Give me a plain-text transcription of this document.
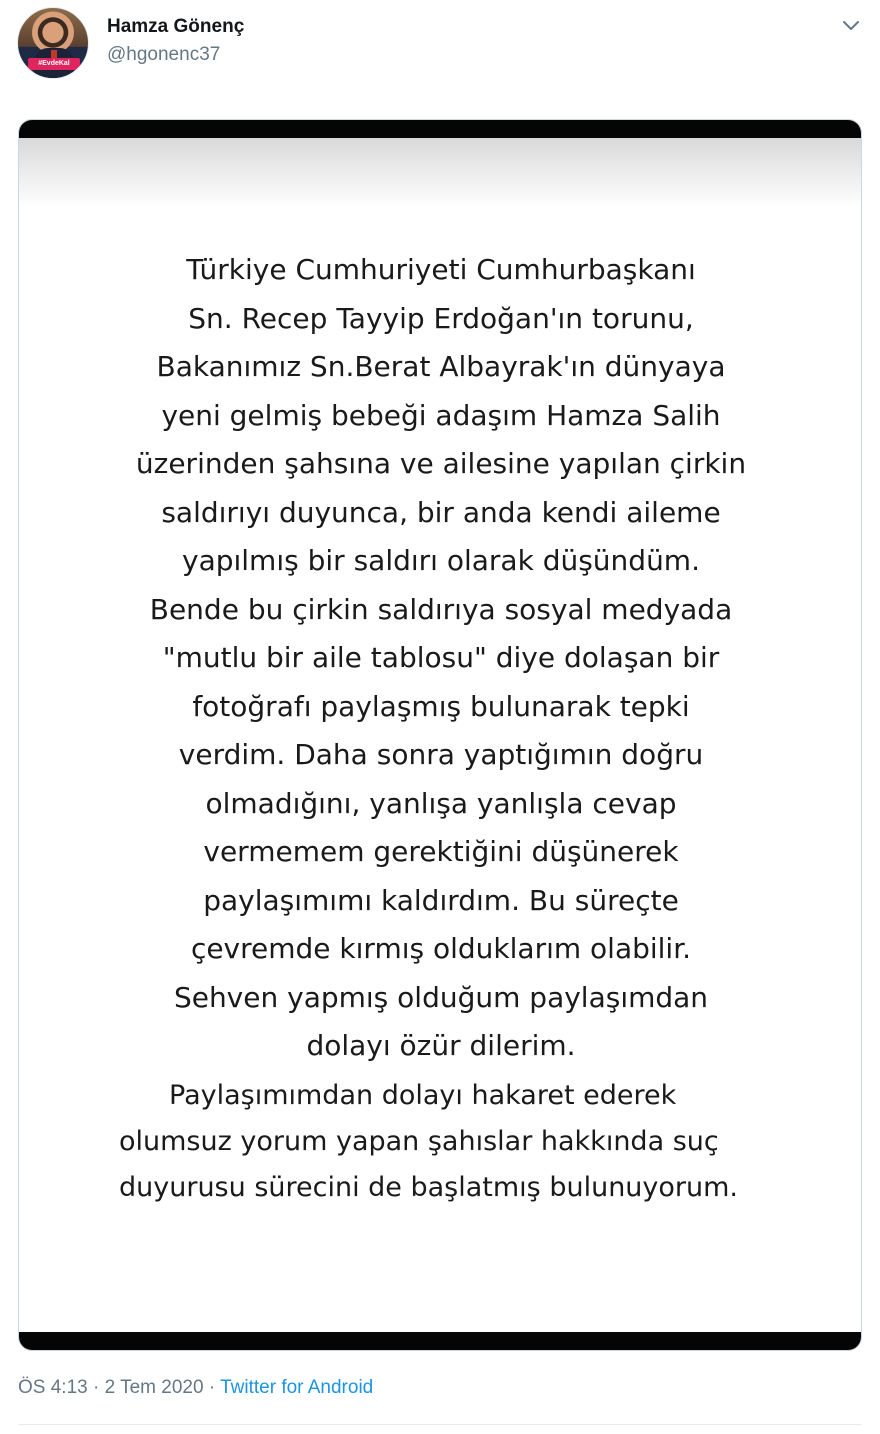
#EvdeKal
Hamza Gönenç
@hgonenc37
Türkiye Cumhuriyeti Cumhurbaşkanı
Sn. Recep Tayyip Erdoğan'ın torunu,
Bakanımız Sn.Berat Albayrak'ın dünyaya
yeni gelmiş bebeği adaşım Hamza Salih
üzerinden şahsına ve ailesine yapılan çirkin
saldırıyı duyunca, bir anda kendi aileme
yapılmış bir saldırı olarak düşündüm.
Bende bu çirkin saldırıya sosyal medyada
"mutlu bir aile tablosu" diye dolaşan bir
fotoğrafı paylaşmış bulunarak tepki
verdim. Daha sonra yaptığımın doğru
olmadığını, yanlışa yanlışla cevap
vermemem gerektiğini düşünerek
paylaşımımı kaldırdım. Bu süreçte
çevremde kırmış olduklarım olabilir.
Sehven yapmış olduğum paylaşımdan
dolayı özür dilerim.
Paylaşımımdan dolayı hakaret ederek
olumsuz yorum yapan şahıslar hakkında suç
duyurusu sürecini de başlatmış bulunuyorum.
ÖS 4:13 · 2 Tem 2020 · Twitter for Android
